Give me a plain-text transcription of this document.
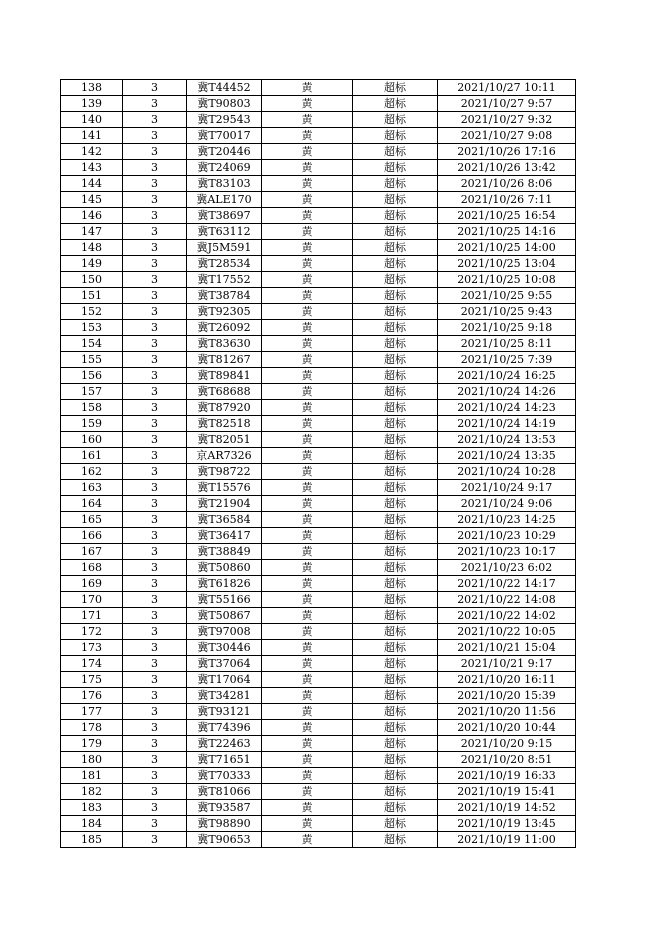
138	3	冀T44452	黄	超标	2021/10/27 10:11
139	3	冀T90803	黄	超标	2021/10/27 9:57
140	3	冀T29543	黄	超标	2021/10/27 9:32
141	3	冀T70017	黄	超标	2021/10/27 9:08
142	3	冀T20446	黄	超标	2021/10/26 17:16
143	3	冀T24069	黄	超标	2021/10/26 13:42
144	3	冀T83103	黄	超标	2021/10/26 8:06
145	3	冀ALE170	黄	超标	2021/10/26 7:11
146	3	冀T38697	黄	超标	2021/10/25 16:54
147	3	冀T63112	黄	超标	2021/10/25 14:16
148	3	冀J5M591	黄	超标	2021/10/25 14:00
149	3	冀T28534	黄	超标	2021/10/25 13:04
150	3	冀T17552	黄	超标	2021/10/25 10:08
151	3	冀T38784	黄	超标	2021/10/25 9:55
152	3	冀T92305	黄	超标	2021/10/25 9:43
153	3	冀T26092	黄	超标	2021/10/25 9:18
154	3	冀T83630	黄	超标	2021/10/25 8:11
155	3	冀T81267	黄	超标	2021/10/25 7:39
156	3	冀T89841	黄	超标	2021/10/24 16:25
157	3	冀T68688	黄	超标	2021/10/24 14:26
158	3	冀T87920	黄	超标	2021/10/24 14:23
159	3	冀T82518	黄	超标	2021/10/24 14:19
160	3	冀T82051	黄	超标	2021/10/24 13:53
161	3	京AR7326	黄	超标	2021/10/24 13:35
162	3	冀T98722	黄	超标	2021/10/24 10:28
163	3	冀T15576	黄	超标	2021/10/24 9:17
164	3	冀T21904	黄	超标	2021/10/24 9:06
165	3	冀T36584	黄	超标	2021/10/23 14:25
166	3	冀T36417	黄	超标	2021/10/23 10:29
167	3	冀T38849	黄	超标	2021/10/23 10:17
168	3	冀T50860	黄	超标	2021/10/23 6:02
169	3	冀T61826	黄	超标	2021/10/22 14:17
170	3	冀T55166	黄	超标	2021/10/22 14:08
171	3	冀T50867	黄	超标	2021/10/22 14:02
172	3	冀T97008	黄	超标	2021/10/22 10:05
173	3	冀T30446	黄	超标	2021/10/21 15:04
174	3	冀T37064	黄	超标	2021/10/21 9:17
175	3	冀T17064	黄	超标	2021/10/20 16:11
176	3	冀T34281	黄	超标	2021/10/20 15:39
177	3	冀T93121	黄	超标	2021/10/20 11:56
178	3	冀T74396	黄	超标	2021/10/20 10:44
179	3	冀T22463	黄	超标	2021/10/20 9:15
180	3	冀T71651	黄	超标	2021/10/20 8:51
181	3	冀T70333	黄	超标	2021/10/19 16:33
182	3	冀T81066	黄	超标	2021/10/19 15:41
183	3	冀T93587	黄	超标	2021/10/19 14:52
184	3	冀T98890	黄	超标	2021/10/19 13:45
185	3	冀T90653	黄	超标	2021/10/19 11:00
